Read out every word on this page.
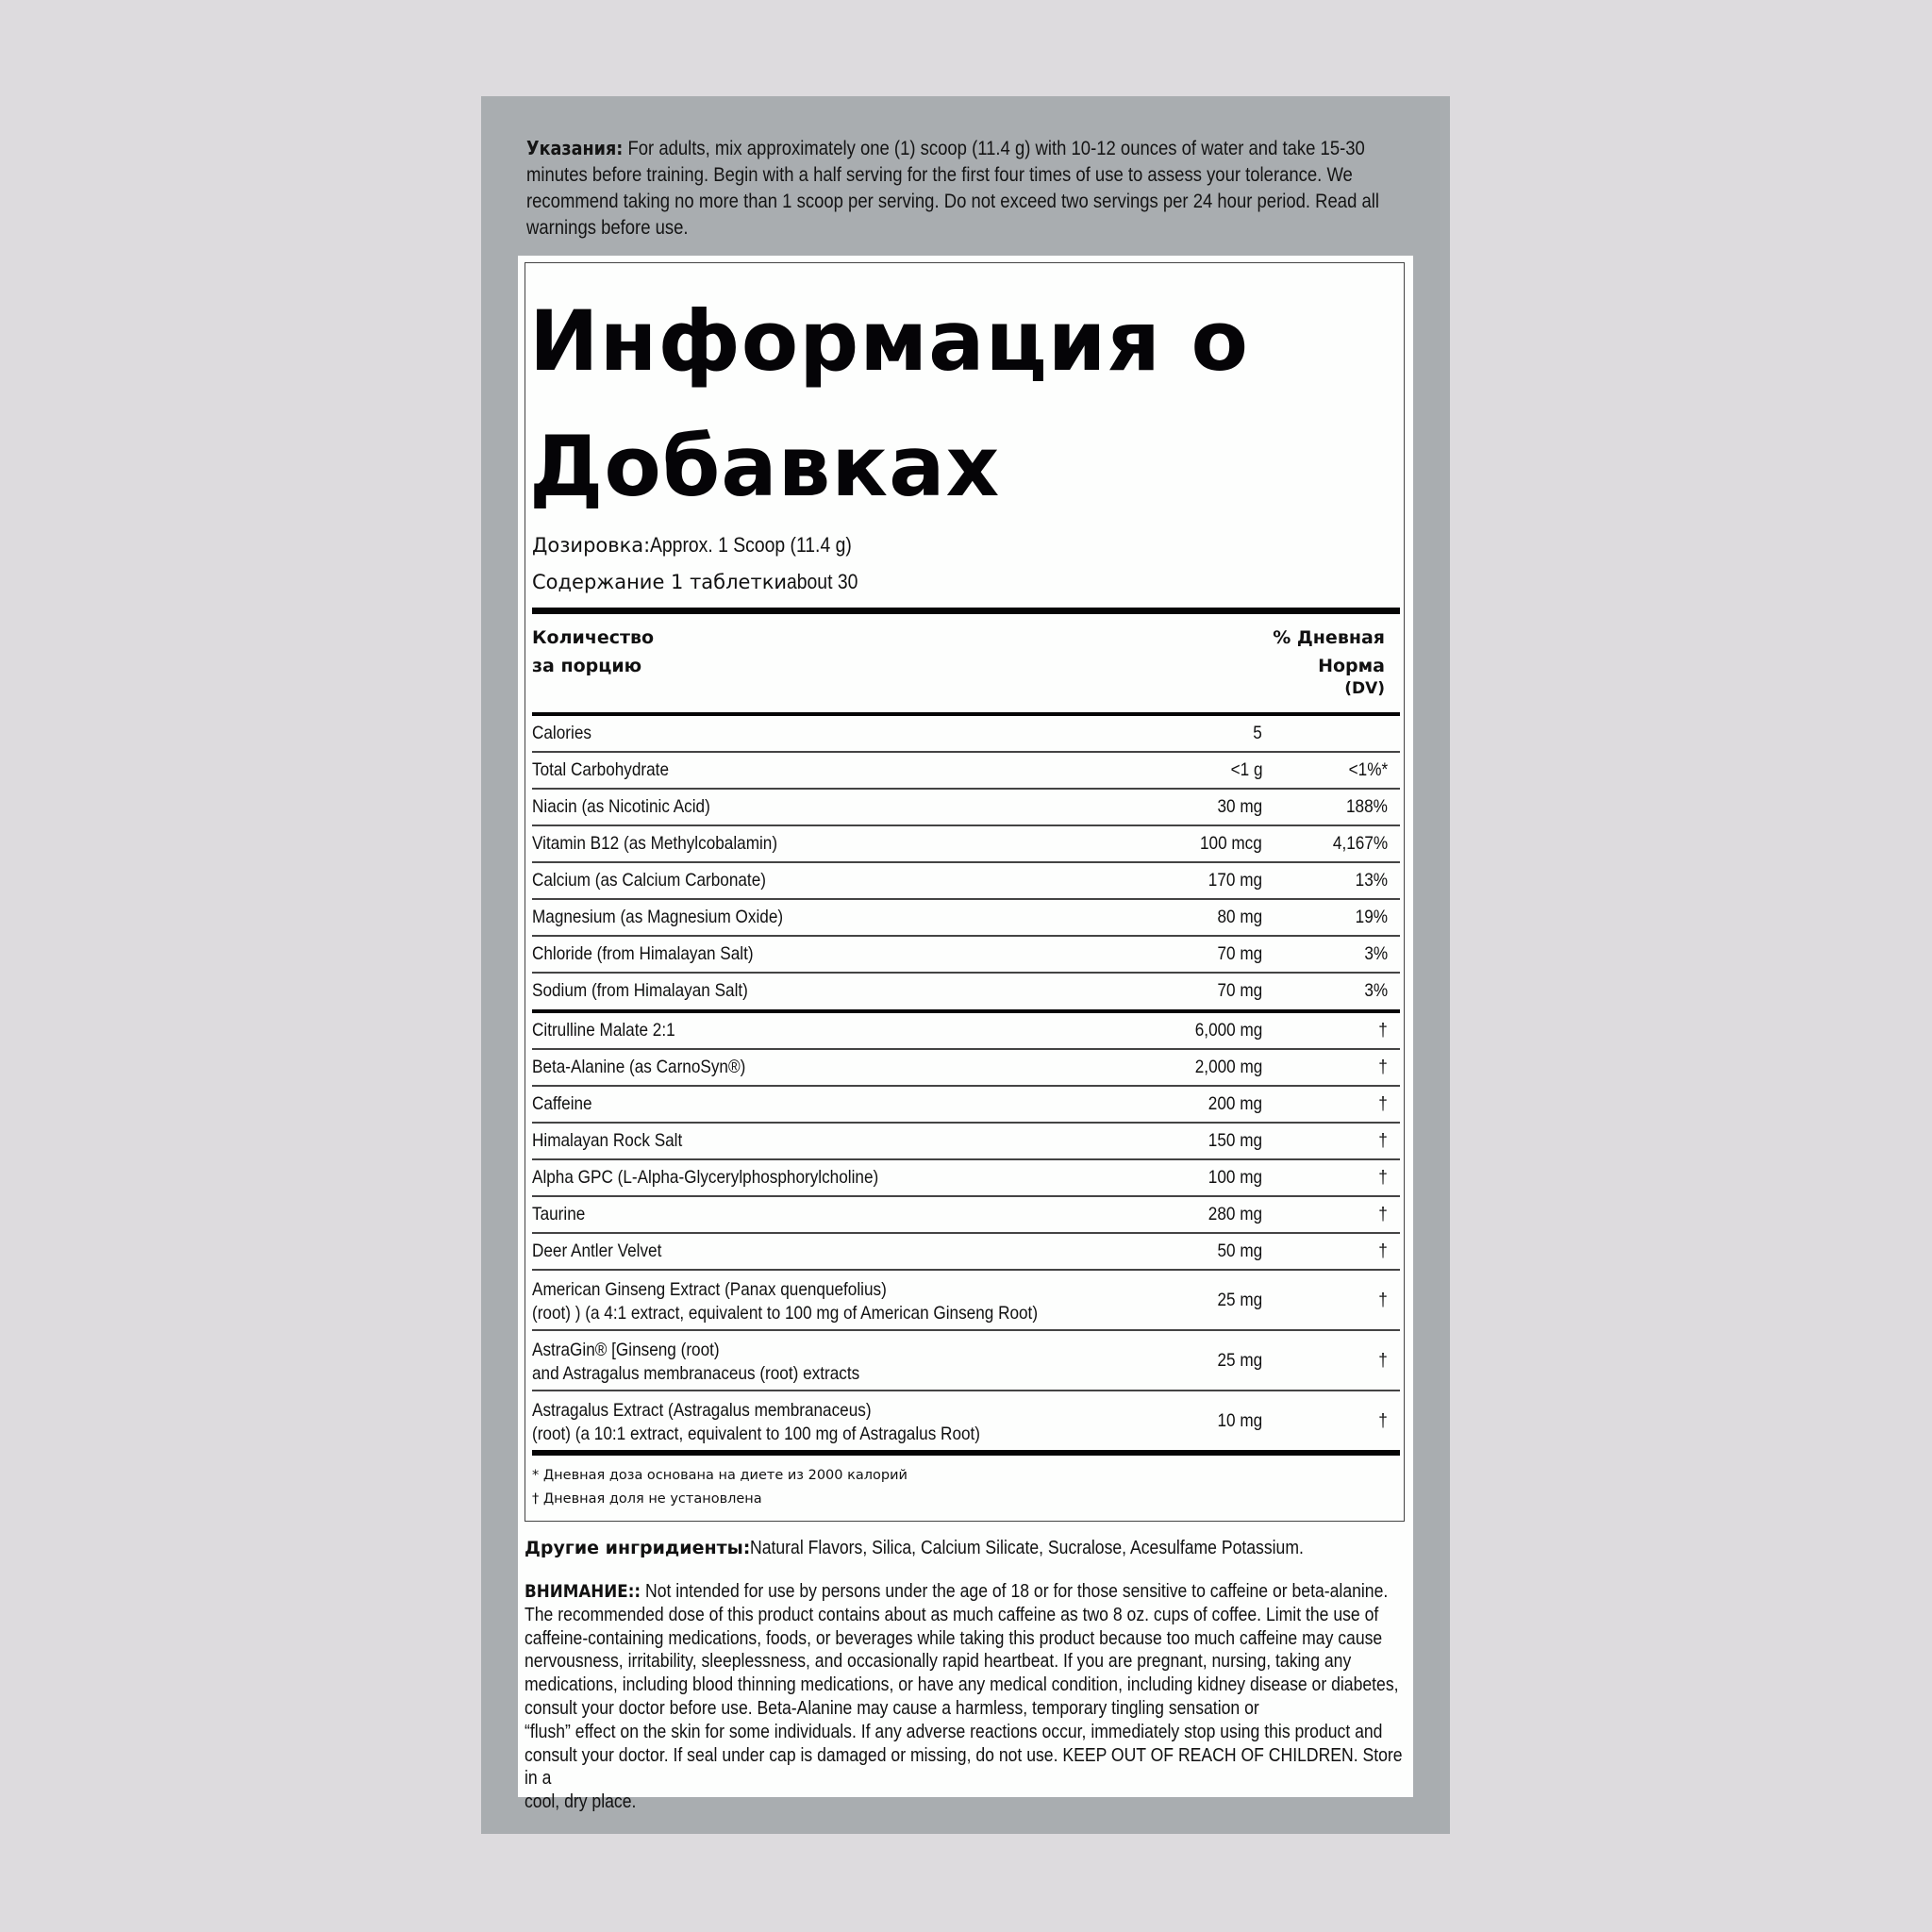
Указания: For adults, mix approximately one (1) scoop (11.4 g) with 10-12 ounces of water and take 15-30 minutes before training. Begin with a half serving for the first four times of use to assess your tolerance. We recommend taking no more than 1 scoop per serving. Do not exceed two servings per 24 hour period. Read all warnings before use.
Информация о
Добавках
Дозировка:Approx. 1 Scoop (11.4 g)
Содержание 1 таблеткиabout 30
Количество
за порцию
% Дневная
Норма
(DV)
Calories	5
Total Carbohydrate	<1 g	<1%*
Niacin (as Nicotinic Acid)	30 mg	188%
Vitamin B12 (as Methylcobalamin)	100 mcg	4,167%
Calcium (as Calcium Carbonate)	170 mg	13%
Magnesium (as Magnesium Oxide)	80 mg	19%
Chloride (from Himalayan Salt)	70 mg	3%
Sodium (from Himalayan Salt)	70 mg	3%
Citrulline Malate 2:1	6,000 mg	†
Beta-Alanine (as CarnoSyn®)	2,000 mg	†
Caffeine	200 mg	†
Himalayan Rock Salt	150 mg	†
Alpha GPC (L-Alpha-Glycerylphosphorylcholine)	100 mg	†
Taurine	280 mg	†
Deer Antler Velvet	50 mg	†
American Ginseng Extract (Panax quenquefolius)
(root) ) (a 4:1 extract, equivalent to 100 mg of American Ginseng Root)
25 mg	†
AstraGin® [Ginseng (root)
and Astragalus membranaceus (root) extracts
25 mg	†
Astragalus Extract (Astragalus membranaceus)
(root) (a 10:1 extract, equivalent to 100 mg of Astragalus Root)
10 mg	†
* Дневная доза основана на диете из 2000 калорий
† Дневная доля не установлена
Другие ингридиенты:Natural Flavors, Silica, Calcium Silicate, Sucralose, Acesulfame Potassium.
ВНИМАНИЕ:: Not intended for use by persons under the age of 18 or for those sensitive to caffeine or beta-alanine.
The recommended dose of this product contains about as much caffeine as two 8 oz. cups of coffee. Limit the use of
caffeine-containing medications, foods, or beverages while taking this product because too much caffeine may cause
nervousness, irritability, sleeplessness, and occasionally rapid heartbeat. If you are pregnant, nursing, taking any
medications, including blood thinning medications, or have any medical condition, including kidney disease or diabetes,
consult your doctor before use. Beta-Alanine may cause a harmless, temporary tingling sensation or
“flush” effect on the skin for some individuals. If any adverse reactions occur, immediately stop using this product and
consult your doctor. If seal under cap is damaged or missing, do not use. KEEP OUT OF REACH OF CHILDREN. Store in a
cool, dry place.
